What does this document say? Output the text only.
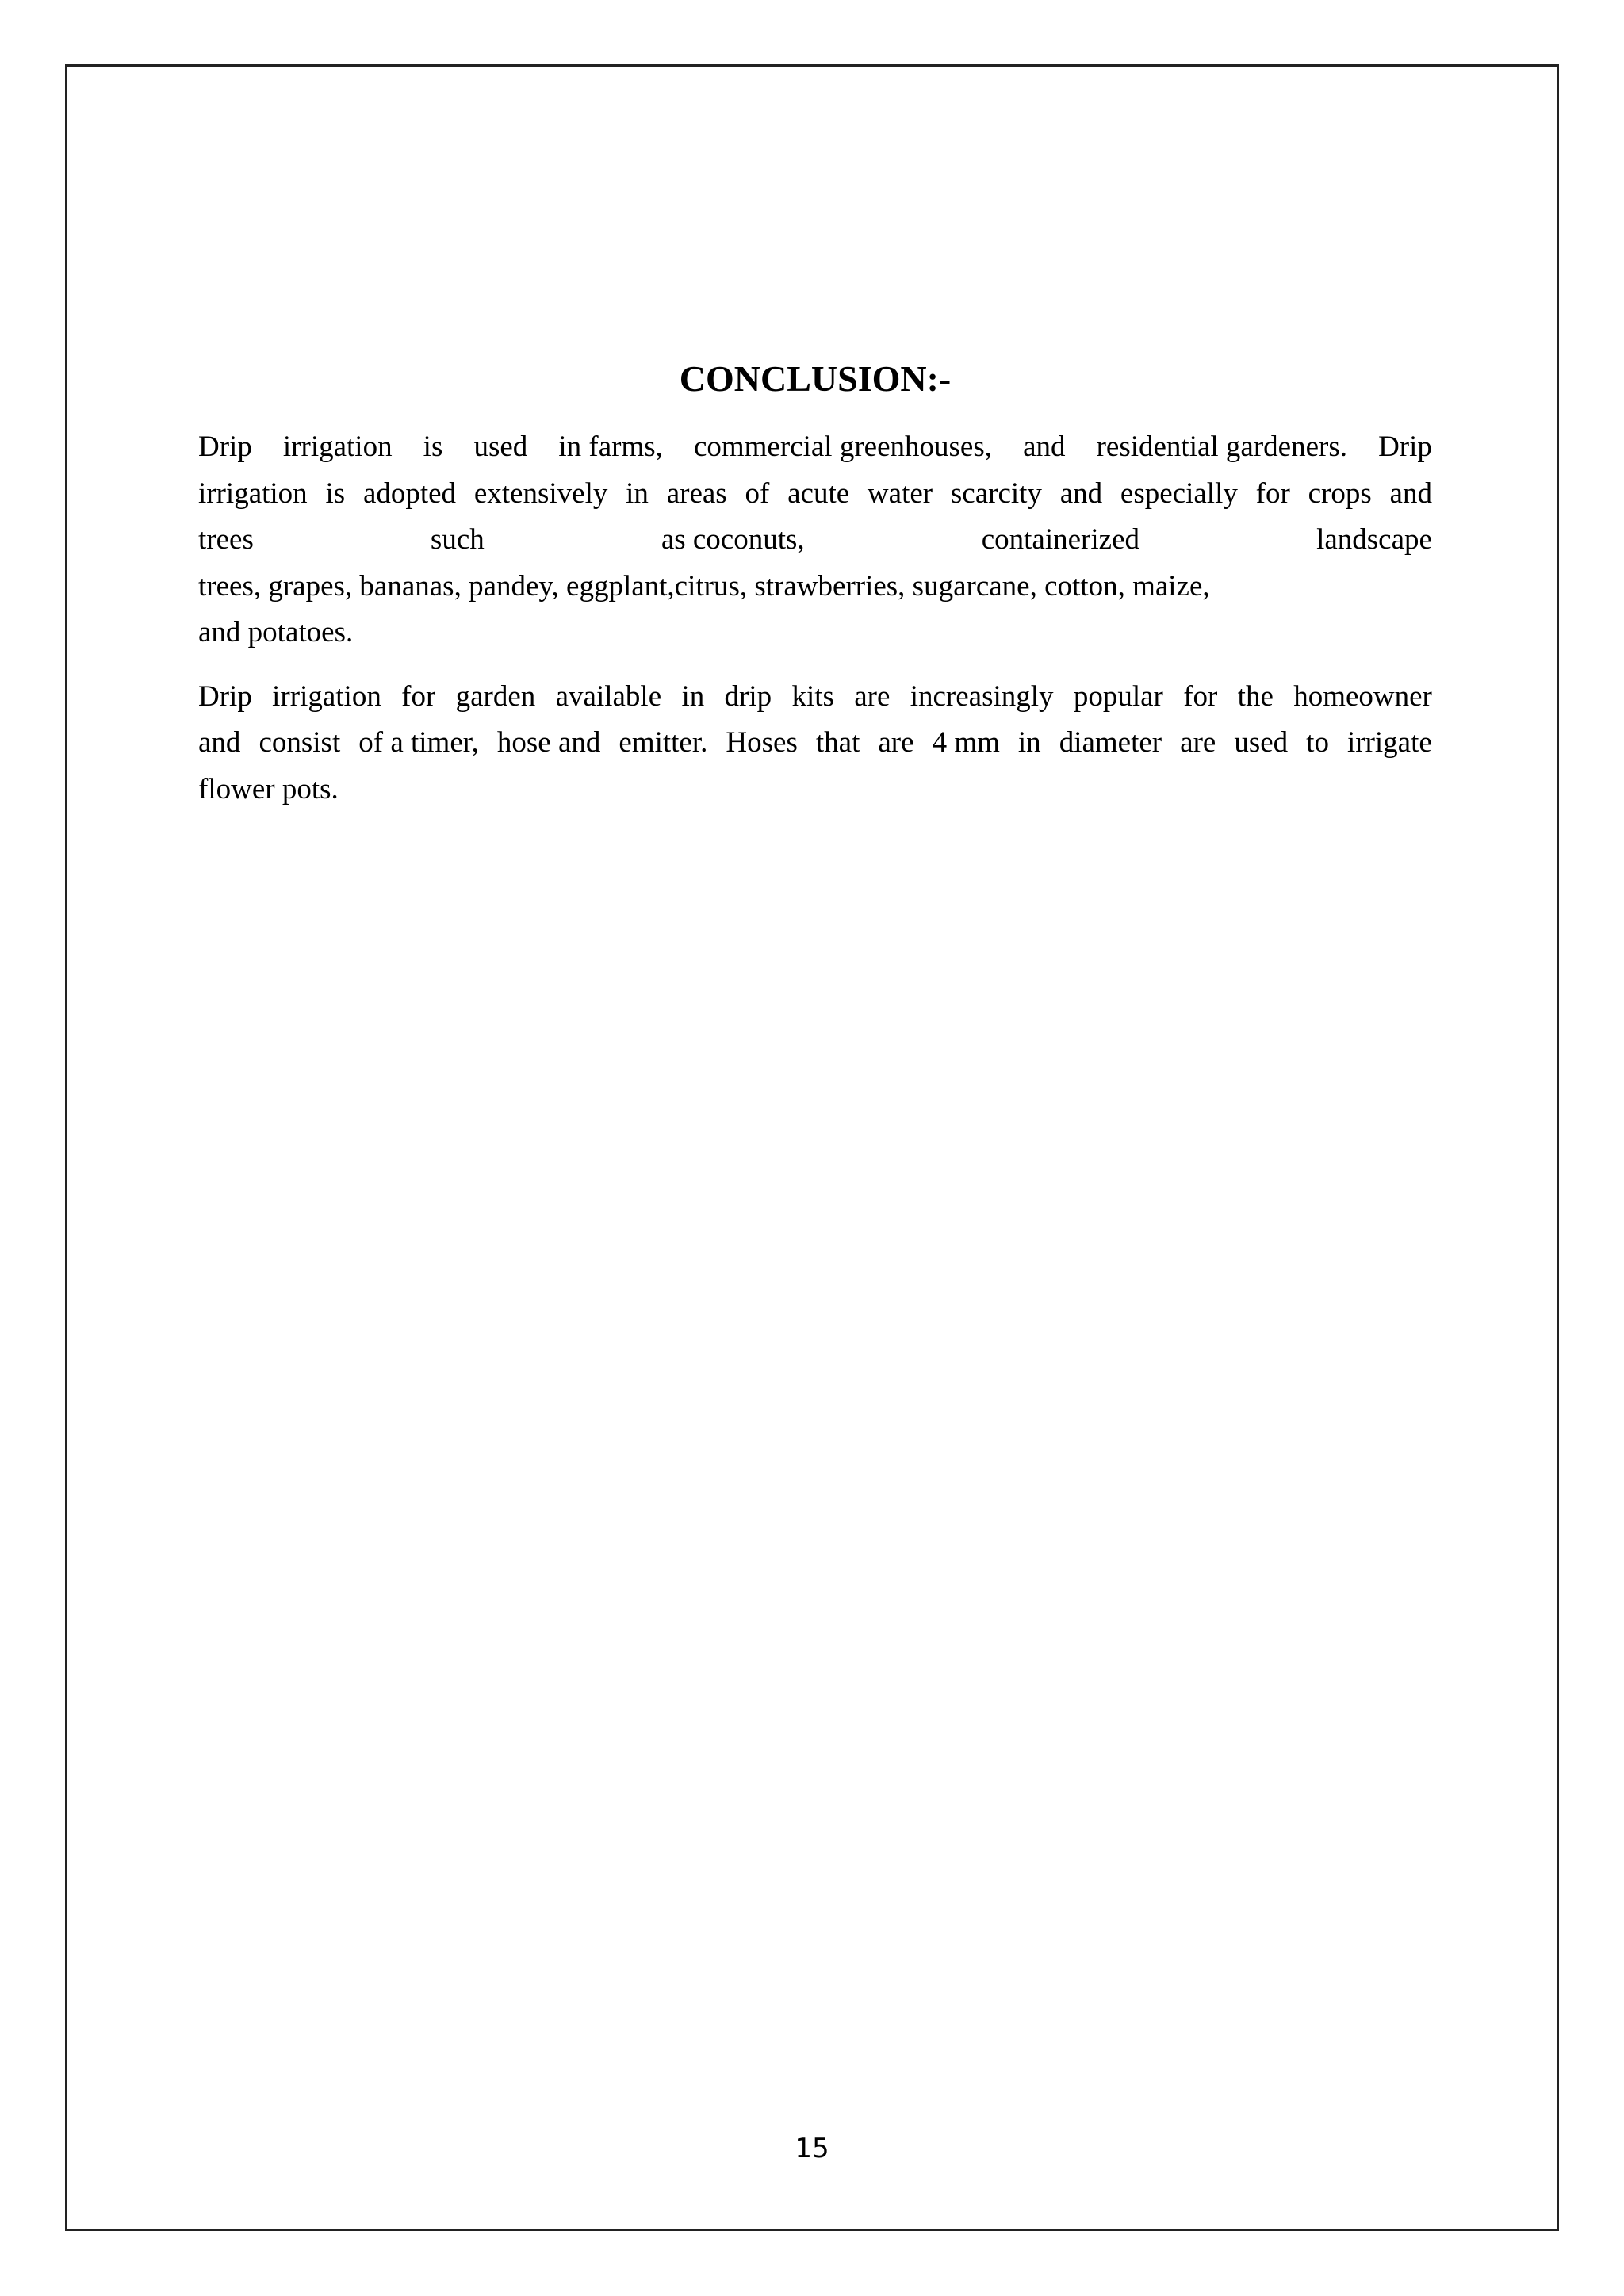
CONCLUSION:-

Drip irrigation is used in farms, commercial greenhouses, and residential gardeners. Drip
irrigation is adopted extensively in areas of acute water scarcity and especially for crops and
trees	such	as coconuts,	containerized	landscape
trees, grapes, bananas, pandey, eggplant,citrus, strawberries, sugarcane, cotton, maize,
and potatoes.

Drip irrigation for garden available in drip kits are increasingly popular for the homeowner
and consist of a timer, hose and emitter. Hoses that are 4 mm in diameter are used to irrigate
flower pots.

15
